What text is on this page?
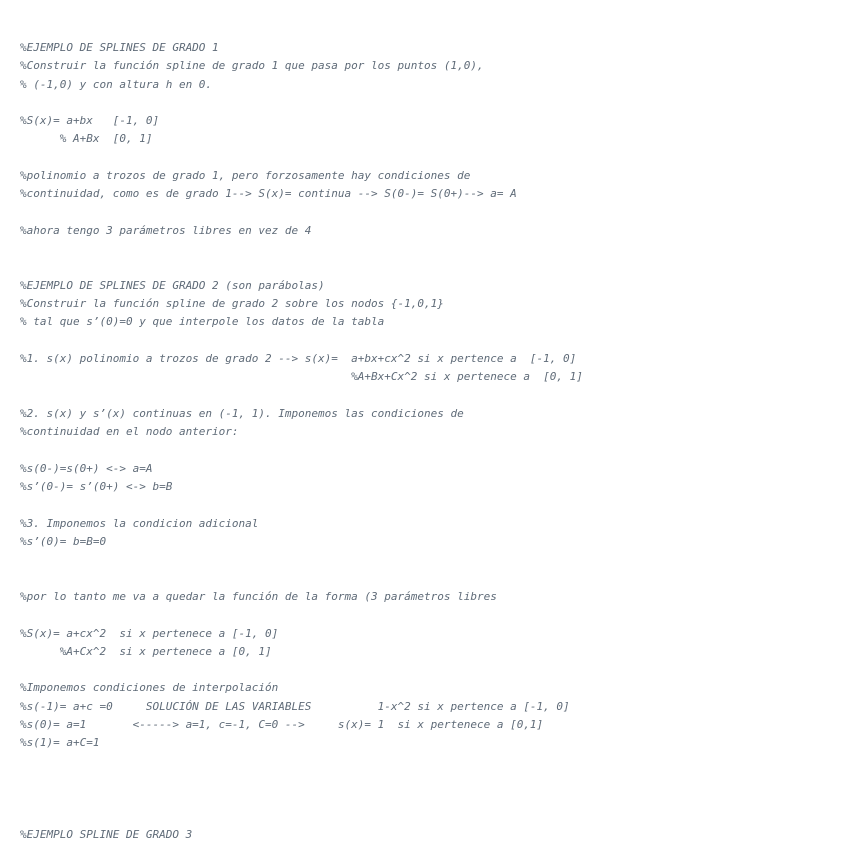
%EJEMPLO DE SPLINES DE GRADO 1
%Construir la función spline de grado 1 que pasa por los puntos (1,0),
% (-1,0) y con altura h en 0.
%S(x)= a+bx   [-1, 0]
% A+Bx  [0, 1]
%polinomio a trozos de grado 1, pero forzosamente hay condiciones de
%continuidad, como es de grado 1--> S(x)= continua --> S(0-)= S(0+)--> a= A
%ahora tengo 3 parámetros libres en vez de 4
%EJEMPLO DE SPLINES DE GRADO 2 (son parábolas)
%Construir la función spline de grado 2 sobre los nodos {-1,0,1}
% tal que s’(0)=0 y que interpole los datos de la tabla
%1. s(x) polinomio a trozos de grado 2 --> s(x)=  a+bx+cx^2 si x pertence a  [-1, 0]
%A+Bx+Cx^2 si x pertenece a  [0, 1]
%2. s(x) y s’(x) continuas en (-1, 1). Imponemos las condiciones de
%continuidad en el nodo anterior:
%s(0-)=s(0+) <-> a=A
%s’(0-)= s’(0+) <-> b=B
%3. Imponemos la condicion adicional
%s’(0)= b=B=0
%por lo tanto me va a quedar la función de la forma (3 parámetros libres
%S(x)= a+cx^2  si x pertenece a [-1, 0]
%A+Cx^2  si x pertenece a [0, 1]
%Imponemos condiciones de interpolación
%s(-1)= a+c =0     SOLUCIÓN DE LAS VARIABLES          1-x^2 si x pertence a [-1, 0]
%s(0)= a=1       <-----> a=1, c=-1, C=0 -->     s(x)= 1  si x pertenece a [0,1]
%s(1)= a+C=1
%EJEMPLO SPLINE DE GRADO 3
